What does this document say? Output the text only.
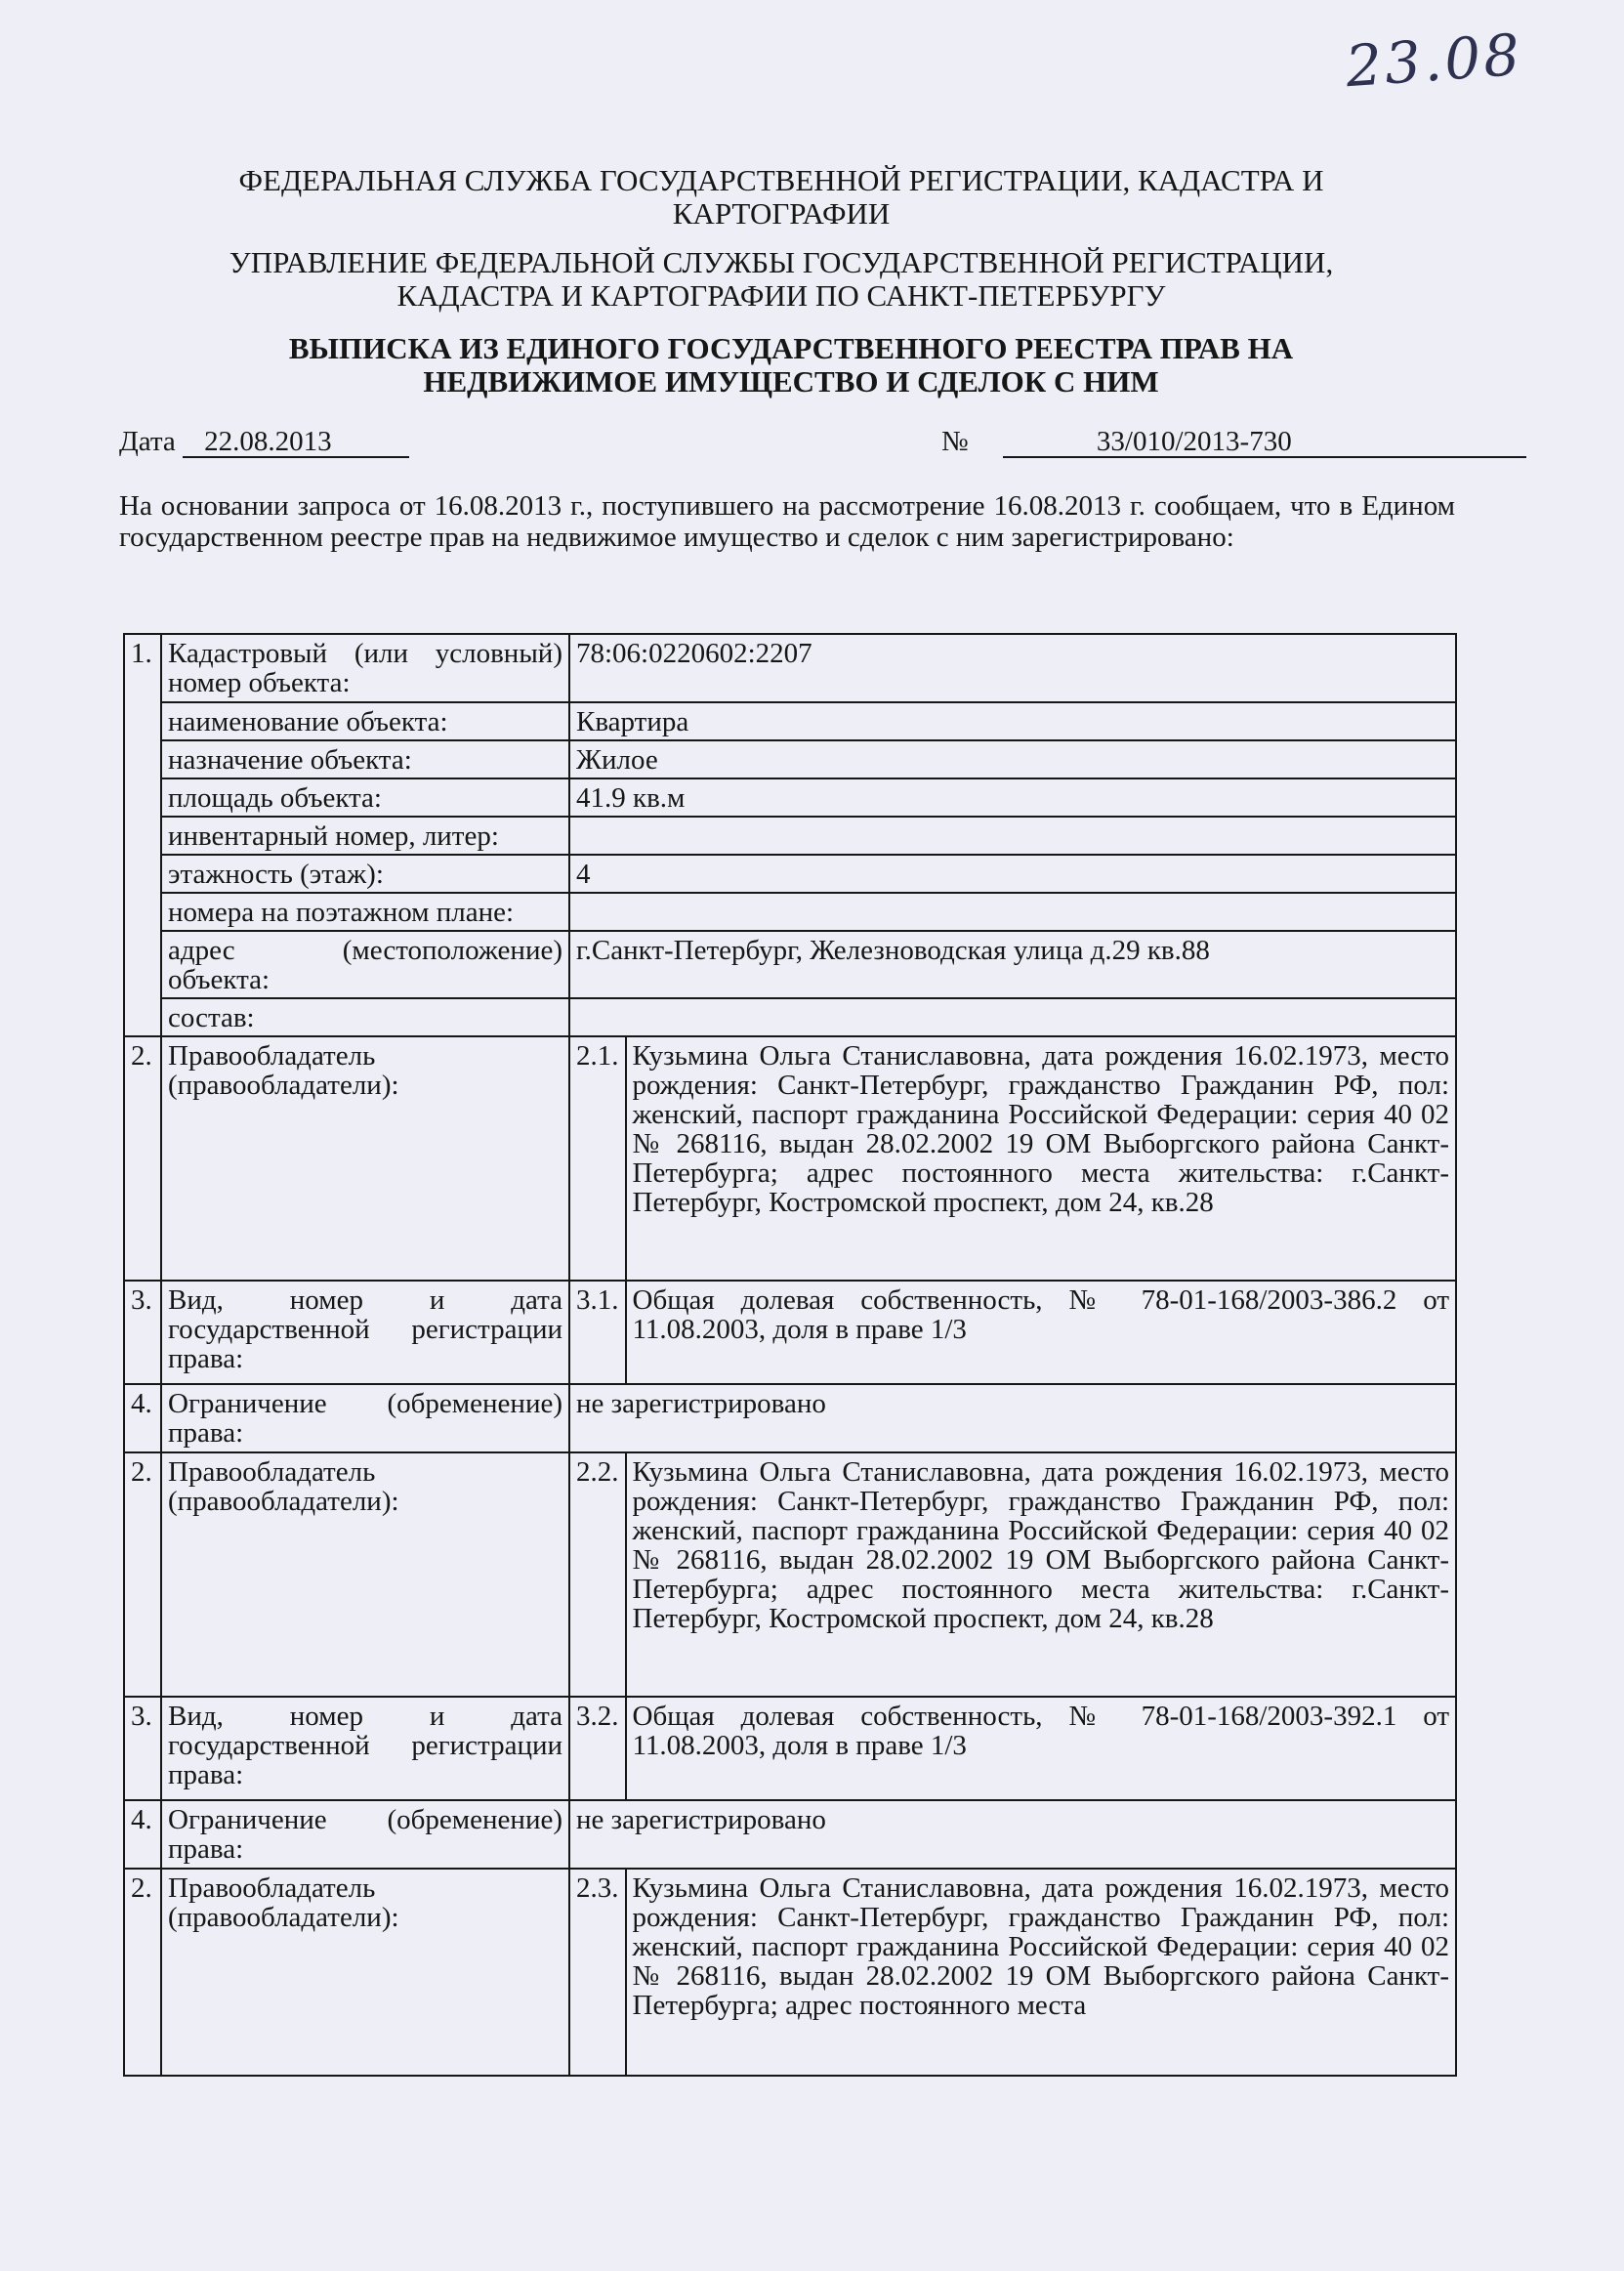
23.08
ФЕДЕРАЛЬНАЯ СЛУЖБА ГОСУДАРСТВЕННОЙ РЕГИСТРАЦИИ, КАДАСТРА И
КАРТОГРАФИИ
УПРАВЛЕНИЕ ФЕДЕРАЛЬНОЙ СЛУЖБЫ ГОСУДАРСТВЕННОЙ РЕГИСТРАЦИИ,
КАДАСТРА И КАРТОГРАФИИ ПО САНКТ-ПЕТЕРБУРГУ
ВЫПИСКА ИЗ ЕДИНОГО ГОСУДАРСТВЕННОГО РЕЕСТРА ПРАВ НА
НЕДВИЖИМОЕ ИМУЩЕСТВО И СДЕЛОК С НИМ
Дата 22.08.2013	№	33/010/2013-730
На основании запроса от 16.08.2013 г., поступившего на рассмотрение 16.08.2013 г. сообщаем, что в Едином государственном реестре прав на недвижимое имущество и сделок с ним зарегистрировано:
1.	Кадастровый (или условный) номер объекта:	78:06:0220602:2207	
	наименование объекта:	Квартира	
	назначение объекта:	Жилое	
	площадь объекта:	41.9 кв.м	
	инвентарный номер, литер:		
	этажность (этаж):	4	
	номера на поэтажном плане:		
	адрес (местоположение) объекта:	г.Санкт-Петербург, Железноводская улица д.29 кв.88	
	состав:		
2.	Правообладатель (правообладатели):	2.1.	Кузьмина Ольга Станиславовна, дата рождения 16.02.1973, место рождения: Санкт-Петербург, гражданство Гражданин РФ, пол: женский, паспорт гражданина Российской Федерации: серия 40 02 № 268116, выдан 28.02.2002 19 ОМ Выборгского района Санкт-Петербурга; адрес постоянного места жительства: г.Санкт-Петербург, Костромской проспект, дом 24, кв.28
3.	Вид, номер и дата государственной регистрации права:	3.1.	Общая долевая собственность, № 78-01-168/2003-386.2 от 11.08.2003, доля в праве 1/3
4.	Ограничение (обременение) права:	не зарегистрировано	
2.	Правообладатель (правообладатели):	2.2.	Кузьмина Ольга Станиславовна, дата рождения 16.02.1973, место рождения: Санкт-Петербург, гражданство Гражданин РФ, пол: женский, паспорт гражданина Российской Федерации: серия 40 02 № 268116, выдан 28.02.2002 19 ОМ Выборгского района Санкт-Петербурга; адрес постоянного места жительства: г.Санкт-Петербург, Костромской проспект, дом 24, кв.28
3.	Вид, номер и дата государственной регистрации права:	3.2.	Общая долевая собственность, № 78-01-168/2003-392.1 от 11.08.2003, доля в праве 1/3
4.	Ограничение (обременение) права:	не зарегистрировано	
2.	Правообладатель (правообладатели):	2.3.	Кузьмина Ольга Станиславовна, дата рождения 16.02.1973, место рождения: Санкт-Петербург, гражданство Гражданин РФ, пол: женский, паспорт гражданина Российской Федерации: серия 40 02 № 268116, выдан 28.02.2002 19 ОМ Выборгского района Санкт-Петербурга; адрес постоянного места
